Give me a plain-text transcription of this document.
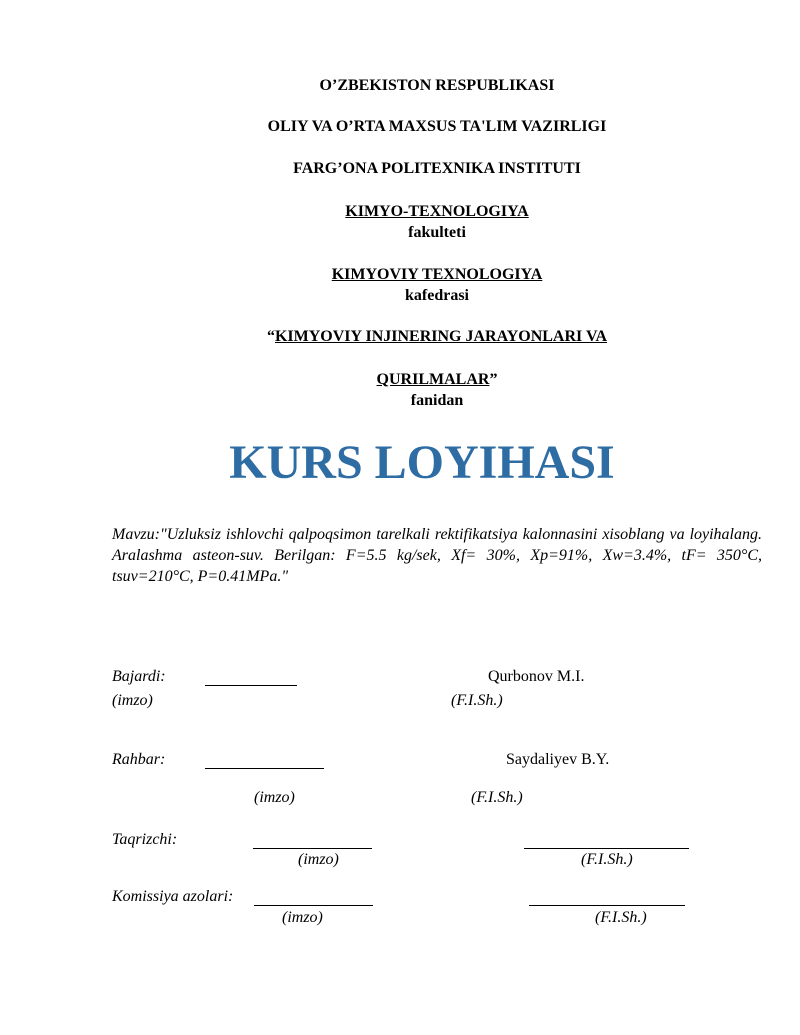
O’ZBEKISTON RESPUBLIKASI
OLIY VA O’RTA MAXSUS TA'LIM VAZIRLIGI
FARG’ONA POLITEXNIKA INSTITUTI
KIMYO-TEXNOLOGIYA
fakulteti
KIMYOVIY TEXNOLOGIYA
kafedrasi
“KIMYOVIY INJINERING JARAYONLARI VA
QURILMALAR”
fanidan
KURS LOYIHASI
Mavzu:"Uzluksiz ishlovchi qalpoqsimon tarelkali rektifikatsiya kalonnasini xisoblang va loyihalang. Aralashma asteon-suv. Berilgan: F=5.5 kg/sek, Xf= 30%, Xp=91%, Xw=3.4%, tF= 350°C, tsuv=210°C, P=0.41MPa."
Bajardi:	Qurbonov M.I.
(imzo)	(F.I.Sh.)
Rahbar:	Saydaliyev B.Y.
(imzo)	(F.I.Sh.)
Taqrizchi:
(imzo)	(F.I.Sh.)
Komissiya azolari:
(imzo)	(F.I.Sh.)
